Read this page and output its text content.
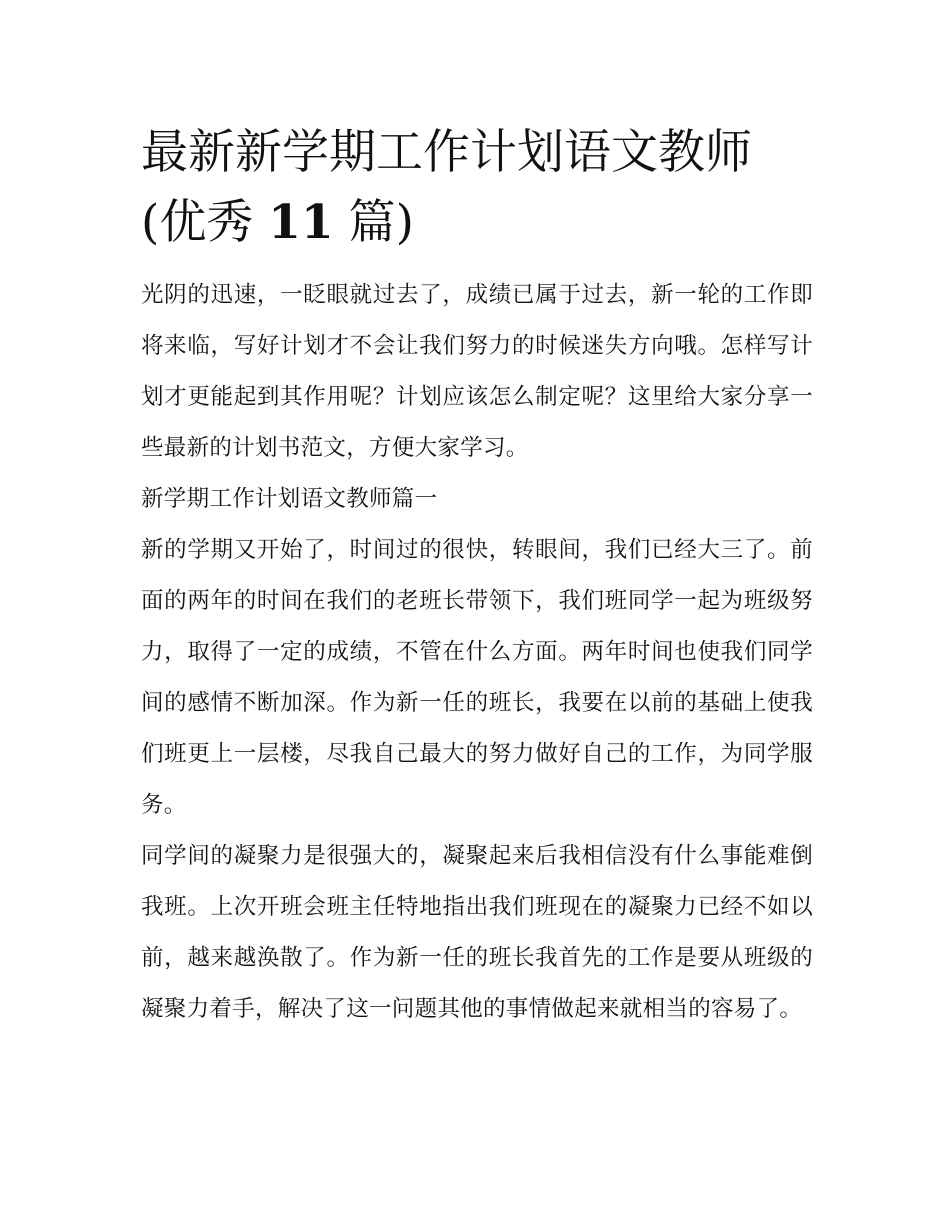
最新新学期工作计划语文教师
(优秀 11 篇)

光阴的迅速，一眨眼就过去了，成绩已属于过去，新一轮的工作即将来临，写好计划才不会让我们努力的时候迷失方向哦。怎样写计划才更能起到其作用呢？计划应该怎么制定呢？这里给大家分享一些最新的计划书范文，方便大家学习。

新学期工作计划语文教师篇一

新的学期又开始了，时间过的很快，转眼间，我们已经大三了。前面的两年的时间在我们的老班长带领下，我们班同学一起为班级努力，取得了一定的成绩，不管在什么方面。两年时间也使我们同学间的感情不断加深。作为新一任的班长，我要在以前的基础上使我们班更上一层楼，尽我自己最大的努力做好自己的工作，为同学服务。

同学间的凝聚力是很强大的，凝聚起来后我相信没有什么事能难倒我班。上次开班会班主任特地指出我们班现在的凝聚力已经不如以前，越来越涣散了。作为新一任的班长我首先的工作是要从班级的凝聚力着手，解决了这一问题其他的事情做起来就相当的容易了。
